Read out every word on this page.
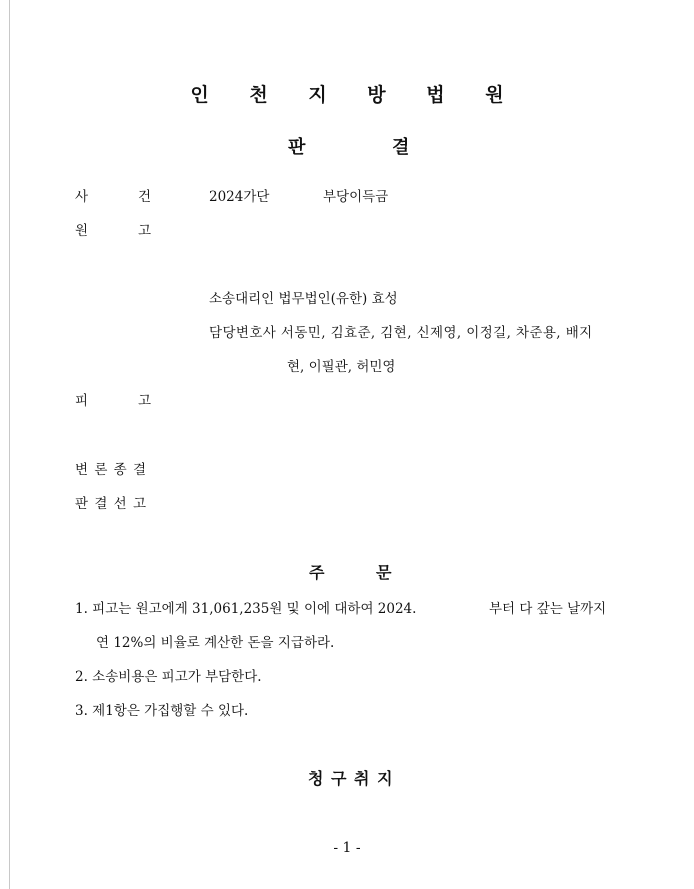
인 천 지 방 법 원
판	결
사	건	2024가단	부당이득금
원	고
소송대리인 법무법인(유한) 효성
담당변호사 서동민, 김효준, 김현, 신제영, 이정길, 차준용, 배지
현, 이필관, 허민영
피	고
변 론 종 결
판 결 선 고
주	문
1. 피고는 원고에게 31,061,235원 및 이에 대하여 2024.	부터 다 갚는 날까지
연 12%의 비율로 계산한 돈을 지급하라.
2. 소송비용은 피고가 부담한다.
3. 제1항은 가집행할 수 있다.
청 구 취 지
- 1 -
